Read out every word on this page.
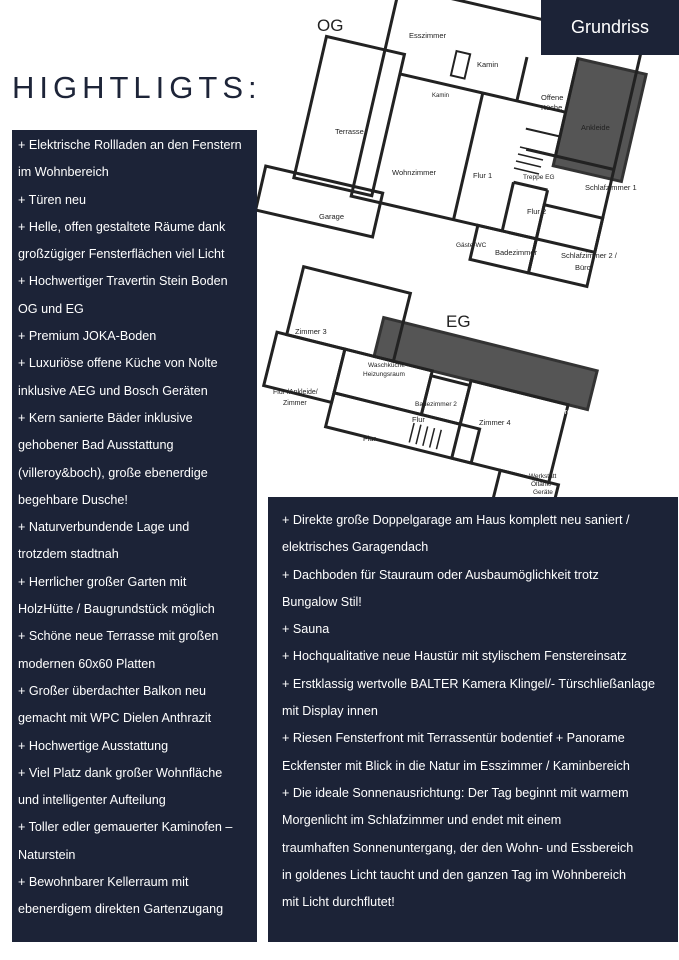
HIGHTLIGTS:
OG
EG
Esszimmer
Kamin
Kamin	Offene
Küche
Ankleide	Balkon
Terrasse
Wohnzimmer	Flur 1	Treppe EG
Schlafzimmer 1
Flur 2
Garage
Gäste-WC
Badezimmer	Schlafzimmer 2 /
Büro
Zimmer 3
Waschküche
Heizungsraum
Flur /Ankleide/
Zimmer	Badezimmer 2
Flur	Zimmer 4
Freisitz
Flur
Werkstatt
Öltank/
Geräte
Grundriss
+ Elektrische Rollladen an den Fenstern
im Wohnbereich
+ Türen neu
+ Helle, offen gestaltete Räume dank
großzügiger Fensterflächen viel Licht
+ Hochwertiger Travertin Stein Boden
OG und EG
+ Premium JOKA-Boden
+ Luxuriöse offene Küche von Nolte
inklusive AEG und Bosch Geräten
+ Kern sanierte Bäder inklusive
gehobener Bad Ausstattung
(villeroy&boch), große ebenerdige
begehbare Dusche!
+ Naturverbundende Lage und
trotzdem stadtnah
+ Herrlicher großer Garten mit
HolzHütte / Baugrundstück möglich
+ Schöne neue Terrasse mit großen
modernen 60x60 Platten
+ Großer überdachter Balkon neu
gemacht mit WPC Dielen Anthrazit
+ Hochwertige Ausstattung
+ Viel Platz dank großer Wohnfläche
und intelligenter Aufteilung
+ Toller edler gemauerter Kaminofen –
Naturstein
+ Bewohnbarer Kellerraum mit
ebenerdigem direkten Gartenzugang
+ Direkte große Doppelgarage am Haus komplett neu saniert /
elektrisches Garagendach
+ Dachboden für Stauraum oder Ausbaumöglichkeit trotz
Bungalow Stil!
+ Sauna
+ Hochqualitative neue Haustür mit stylischem Fenstereinsatz
+ Erstklassig wertvolle BALTER Kamera Klingel/- Türschließanlage
mit Display innen
+ Riesen Fensterfront mit Terrassentür bodentief + Panorame
Eckfenster mit Blick in die Natur im Esszimmer / Kaminbereich
+ Die ideale Sonnenausrichtung: Der Tag beginnt mit warmem
Morgenlicht im Schlafzimmer und endet mit einem
traumhaften Sonnenuntergang, der den Wohn- und Essbereich
in goldenes Licht taucht und den ganzen Tag im Wohnbereich
mit Licht durchflutet!
